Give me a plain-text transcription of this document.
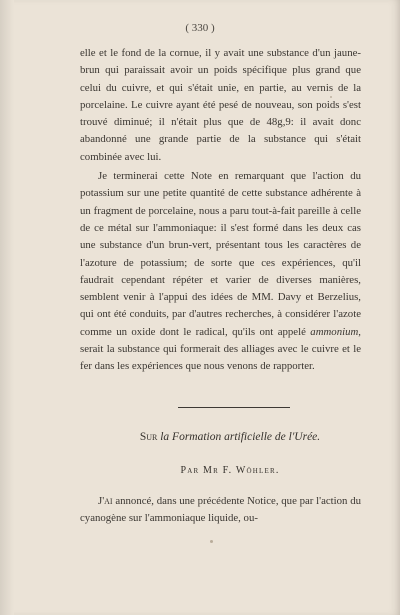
( 330 )

elle et le fond de la cornue, il y avait une substance d'un jaune-brun qui paraissait avoir un poids spécifique plus grand que celui du cuivre, et qui s'était unie, en partie, au vernis de la porcelaine. Le cuivre ayant été pesé de nouveau, son poids s'est trouvé diminué; il n'était plus que de 48g,9: il avait donc abandonné une grande partie de la substance qui s'était combinée avec lui.

Je terminerai cette Note en remarquant que l'action du potassium sur une petite quantité de cette substance adhérente à un fragment de porcelaine, nous a paru tout-à-fait pareille à celle de ce métal sur l'ammoniaque: il s'est formé dans les deux cas une substance d'un brun-vert, présentant tous les caractères de l'azoture de potassium; de sorte que ces expériences, qu'il faudrait cependant répéter et varier de diverses manières, semblent venir à l'appui des idées de MM. Davy et Berzelius, qui ont été conduits, par d'autres recherches, à considérer l'azote comme un oxide dont le radical, qu'ils ont appelé ammonium, serait la substance qui formerait des alliages avec le cuivre et le fer dans les expériences que nous venons de rapporter.

Sur la Formation artificielle de l'Urée.
Par Mr F. Wöhler.

J'ai annoncé, dans une précédente Notice, que par l'action du cyanogène sur l'ammoniaque liquide, ou-
